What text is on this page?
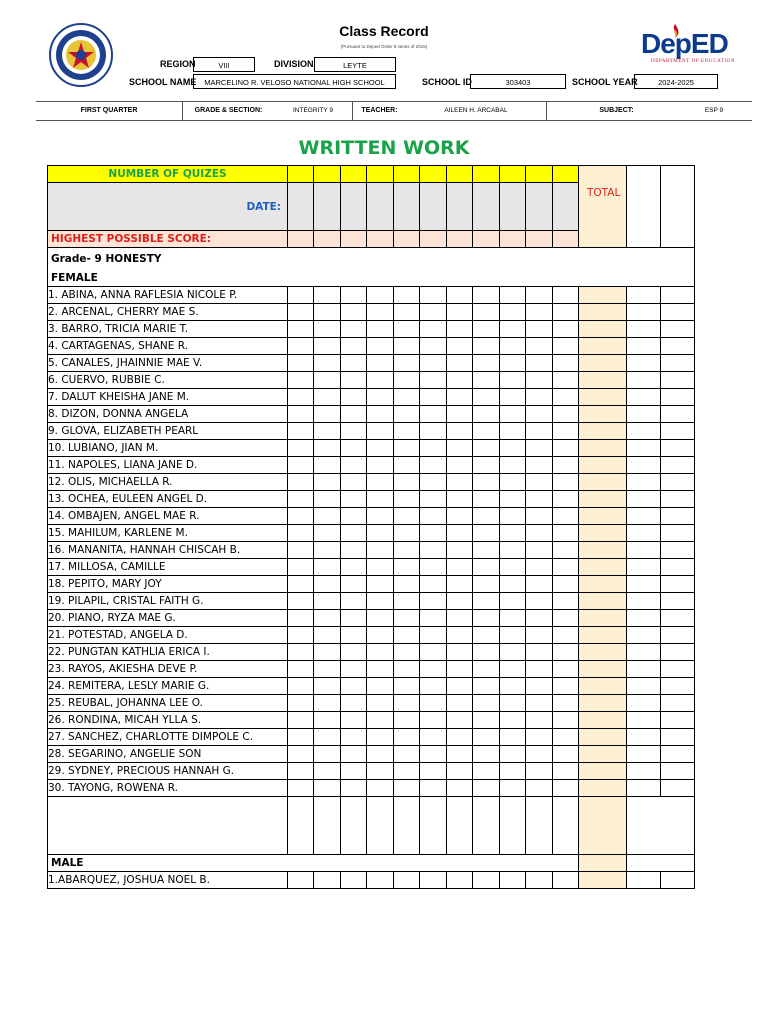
Class Record
(Pursuant to Deped Order 8 series of 2015)
REGION	VIII	DIVISION	LEYTE
SCHOOL NAME	MARCELINO R. VELOSO NATIONAL HIGH SCHOOL	SCHOOL ID	303403	SCHOOL YEAR	2024-2025
DepED
DEPARTMENT OF EDUCATION
FIRST QUARTER	GRADE & SECTION:	INTEGRITY 9	TEACHER:	AILEEN H. ARCABAL	SUBJECT:	ESP 9
WRITTEN WORK
NUMBER OF QUIZES												TOTAL		
DATE:														
HIGHEST POSSIBLE SCORE:														
Grade- 9 HONESTY														
FEMALE														
1. ABINA, ANNA RAFLESIA NICOLE P.														
2. ARCENAL, CHERRY MAE S.														
3. BARRO, TRICIA MARIE T.														
4. CARTAGENAS, SHANE R.														
5. CANALES, JHAINNIE MAE V.														
6. CUERVO, RUBBIE C.														
7. DALUT KHEISHA JANE M.														
8. DIZON, DONNA ANGELA														
9. GLOVA, ELIZABETH PEARL														
10. LUBIANO, JIAN M.														
11. NAPOLES, LIANA JANE D.														
12. OLIS, MICHAELLA R.														
13. OCHEA, EULEEN ANGEL D.														
14. OMBAJEN, ANGEL MAE R.														
15. MAHILUM, KARLENE M.														
16. MANANITA, HANNAH CHISCAH B.														
17. MILLOSA, CAMILLE														
18. PEPITO, MARY JOY														
19. PILAPIL, CRISTAL FAITH G.														
20. PIANO, RYZA MAE G.														
21. POTESTAD, ANGELA D.														
22. PUNGTAN KATHLIA ERICA I.														
23. RAYOS, AKIESHA DEVE P.														
24. REMITERA, LESLY MARIE G.														
25. REUBAL, JOHANNA LEE O.														
26. RONDINA, MICAH YLLA S.														
27. SANCHEZ, CHARLOTTE DIMPOLE C.														
28. SEGARINO, ANGELIE SON														
29. SYDNEY, PRECIOUS HANNAH G.														
30. TAYONG, ROWENA R.														

MALE														
1.ABARQUEZ, JOSHUA NOEL B.														
